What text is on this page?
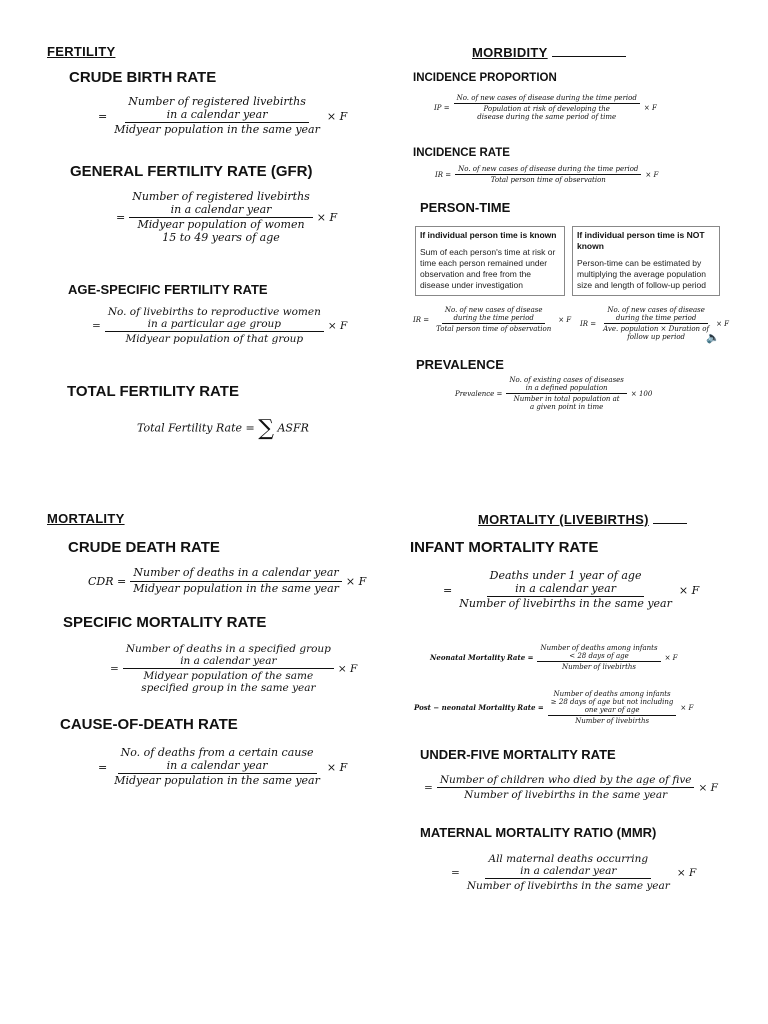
FERTILITY
CRUDE BIRTH RATE
=
Number of registered livebirths
in a calendar year
Midyear population in the same year
× F
GENERAL FERTILITY RATE (GFR)
=
Number of registered livebirths
in a calendar year
Midyear population of women
15 to 49 years of age
× F
AGE-SPECIFIC FERTILITY RATE
=
No. of livebirths to reproductive women
in a particular age group
Midyear population of that group
× F
TOTAL FERTILITY RATE
Total Fertility Rate = ∑ ASFR
MORBIDITY
INCIDENCE PROPORTION
IP =
No. of new cases of disease during the time period
Population at risk of developing the
disease during the same period of time
× F
INCIDENCE RATE
IR = $\frac{\text{No. of new cases of disease during the time period}}{\text{Total person time of observation}} \times F$
PERSON-TIME
If individual person time is known
Sum of each person's time at risk or time each person remained under observation and free from the disease under investigation
If individual person time is NOT known
Person-time can be estimated by multiplying the average population size and length of follow-up period
IR =
No. of new cases of disease
during the time period
Total person time of observation
× F
IR =
No. of new cases of disease
during the time period
Ave. population × Duration of
follow up period
× F
🔈
PREVALENCE
Prevalence =
No. of existing cases of diseases
in a defined population
Number in total population at
a given point in time
× 100
MORTALITY
CRUDE DEATH RATE
CDR = $\frac{\text{Number of deaths in a calendar year}}{\text{Midyear population in the same year}} \times F$
SPECIFIC MORTALITY RATE
=
Number of deaths in a specified group
in a calendar year
Midyear population of the same
specified group in the same year
× F
CAUSE-OF-DEATH RATE
=
No. of deaths from a certain cause
in a calendar year
Midyear population in the same year
× F
MORTALITY (LIVEBIRTHS)
INFANT MORTALITY RATE
=
Deaths under 1 year of age
in a calendar year
Number of livebirths in the same year
× F
Neonatal Mortality Rate =
Number of deaths among infants
< 28 days of age
Number of livebirths
× F
Post − neonatal Mortality Rate =
Number of deaths among infants
≥ 28 days of age but not including
one year of age
Number of livebirths
× F
UNDER-FIVE MORTALITY RATE
= $\frac{\text{Number of children who died by the age of five}}{\text{Number of livebirths in the same year}} \times F$
MATERNAL MORTALITY RATIO (MMR)
=
All maternal deaths occurring
in a calendar year
Number of livebirths in the same year
× F
